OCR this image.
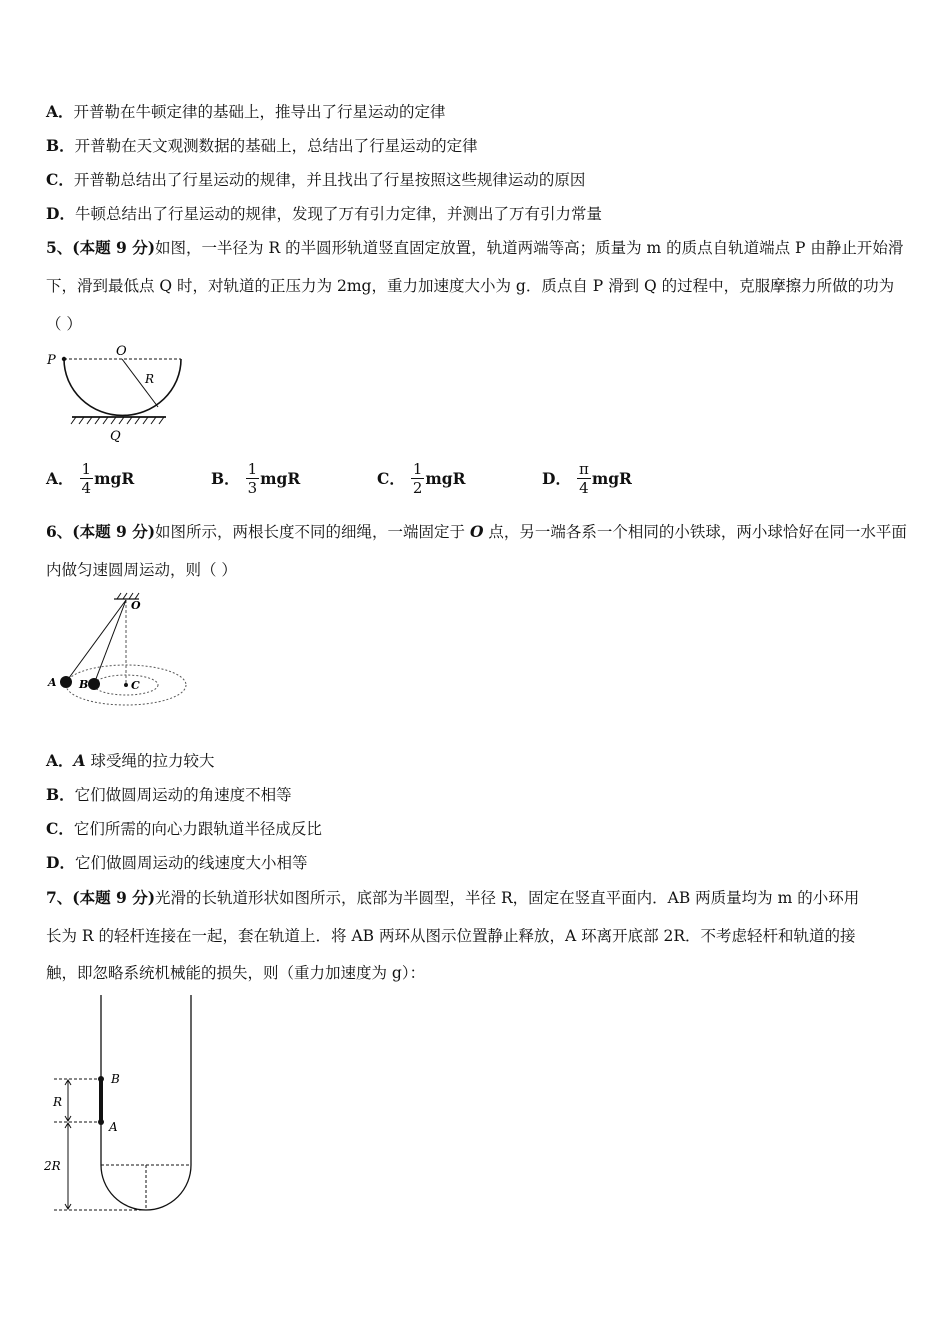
A．开普勒在牛顿定律的基础上，推导出了行星运动的定律
B．开普勒在天文观测数据的基础上，总结出了行星运动的定律
C．开普勒总结出了行星运动的规律，并且找出了行星按照这些规律运动的原因
D．牛顿总结出了行星运动的规律，发现了万有引力定律，并测出了万有引力常量
5、(本题 9 分)如图，一半径为 R 的半圆形轨道竖直固定放置，轨道两端等高；质量为 m 的质点自轨道端点 P 由静止开始滑下，滑到最低点 Q 时，对轨道的正压力为 2mg，重力加速度大小为 g．质点自 P 滑到 Q 的过程中，克服摩擦力所做的功为（ ）
P
O
R
Q
A． $\frac{1}{4}$ mgR	B． $\frac{1}{3}$ mgR	C． $\frac{1}{2}$ mgR	D． $\frac{\pi}{4}$ mgR
6、(本题 9 分)如图所示，两根长度不同的细绳，一端固定于 O 点，另一端各系一个相同的小铁球，两小球恰好在同一水平面内做匀速圆周运动，则（ ）
O
A B	C
A．A 球受绳的拉力较大
B．它们做圆周运动的角速度不相等
C．它们所需的向心力跟轨道半径成反比
D．它们做圆周运动的线速度大小相等
7、(本题 9 分)光滑的长轨道形状如图所示，底部为半圆型，半径 R，固定在竖直平面内．AB 两质量均为 m 的小环用
长为 R 的轻杆连接在一起，套在轨道上．将 AB 两环从图示位置静止释放，A 环离开底部 2R．不考虑轻杆和轨道的接
触，即忽略系统机械能的损失，则（重力加速度为 g）：
B
A
R
2R
